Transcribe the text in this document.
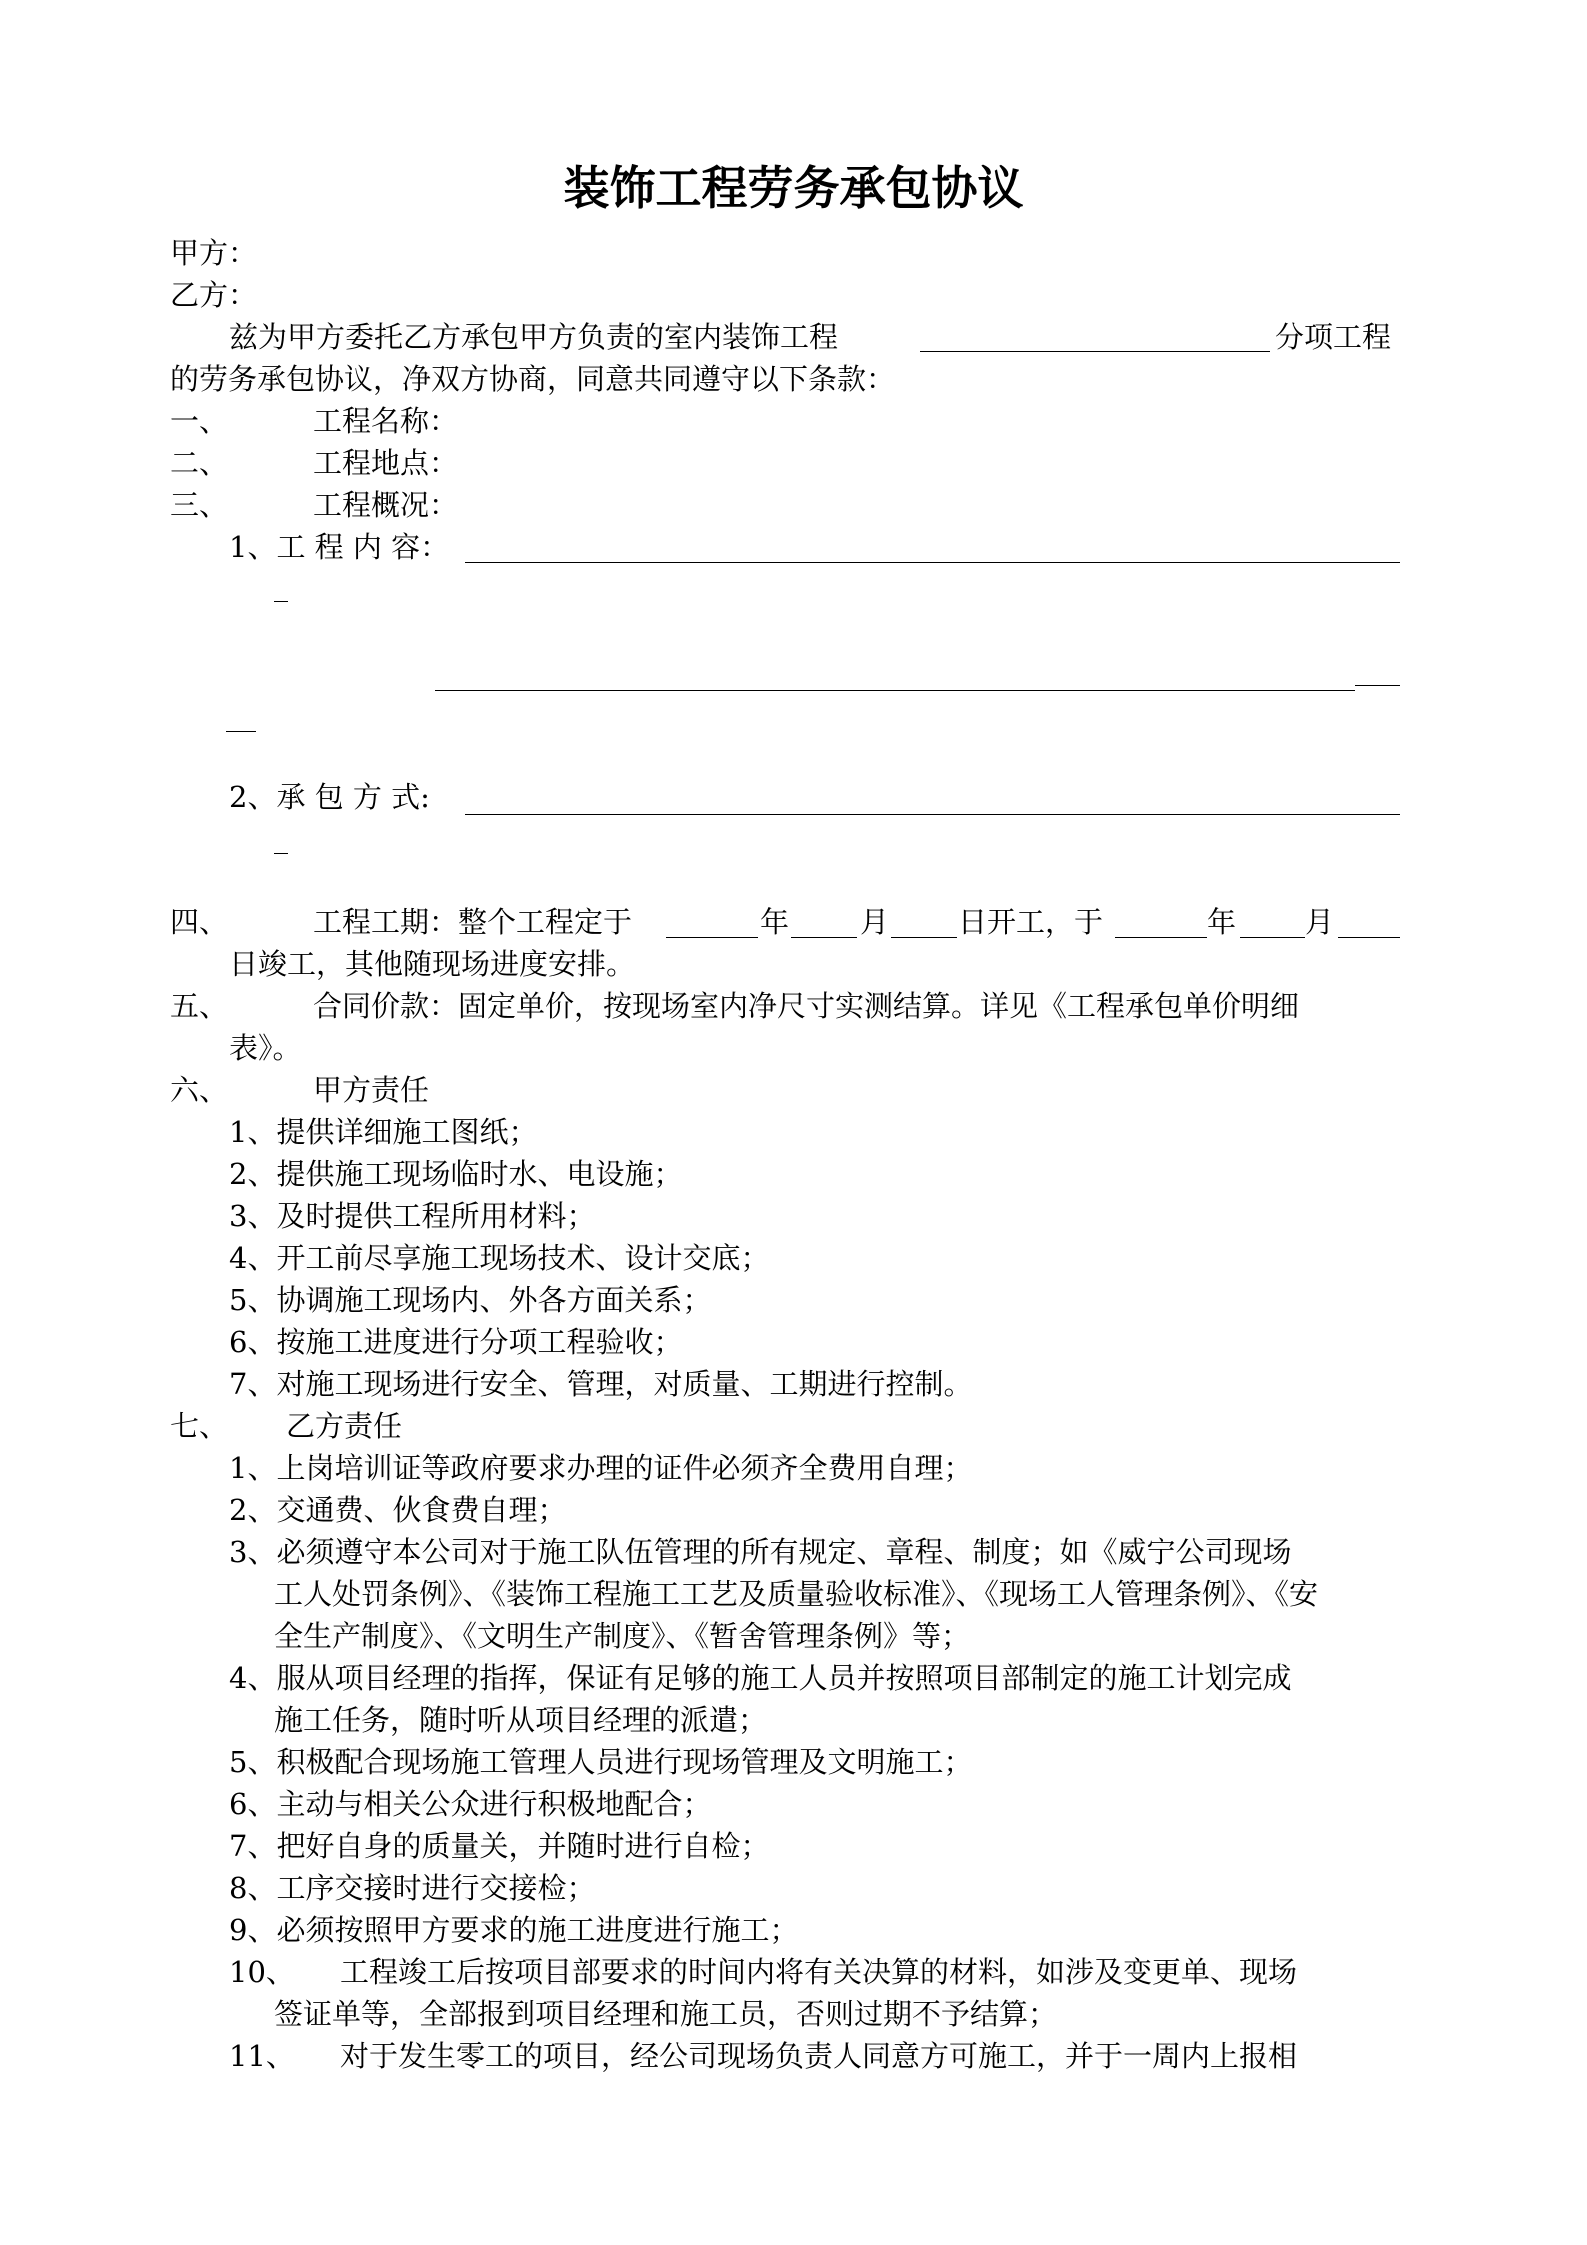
装饰工程劳务承包协议
甲方：
乙方：
兹为甲方委托乙方承包甲方负责的室内装饰工程	分项工程
的劳务承包协议，净双方协商，同意共同遵守以下条款：
一、	工程名称：
二、	工程地点：
三、	工程概况：
1、工 程 内 容：
2、承 包 方 式:
四、	工程工期：整个工程定于	年 月 日开工，于	年 月
日竣工，其他随现场进度安排。
五、	合同价款：固定单价，按现场室内净尺寸实测结算。详见《工程承包单价明细
表》。
六、	甲方责任
1、提供详细施工图纸；
2、提供施工现场临时水、电设施；
3、及时提供工程所用材料；
4、开工前尽享施工现场技术、设计交底；
5、协调施工现场内、外各方面关系；
6、按施工进度进行分项工程验收；
7、对施工现场进行安全、管理，对质量、工期进行控制。
七、 乙方责任
1、上岗培训证等政府要求办理的证件必须齐全费用自理；
2、交通费、伙食费自理；
3、必须遵守本公司对于施工队伍管理的所有规定、章程、制度；如《威宁公司现场
工人处罚条例》、《装饰工程施工工艺及质量验收标准》、《现场工人管理条例》、《安
全生产制度》、《文明生产制度》、《暂舍管理条例》等；
4、服从项目经理的指挥，保证有足够的施工人员并按照项目部制定的施工计划完成
施工任务，随时听从项目经理的派遣；
5、积极配合现场施工管理人员进行现场管理及文明施工；
6、主动与相关公众进行积极地配合；
7、把好自身的质量关，并随时进行自检；
8、工序交接时进行交接检；
9、必须按照甲方要求的施工进度进行施工；
10、 工程竣工后按项目部要求的时间内将有关决算的材料，如涉及变更单、现场
签证单等，全部报到项目经理和施工员，否则过期不予结算；
11、 对于发生零工的项目，经公司现场负责人同意方可施工，并于一周内上报相
